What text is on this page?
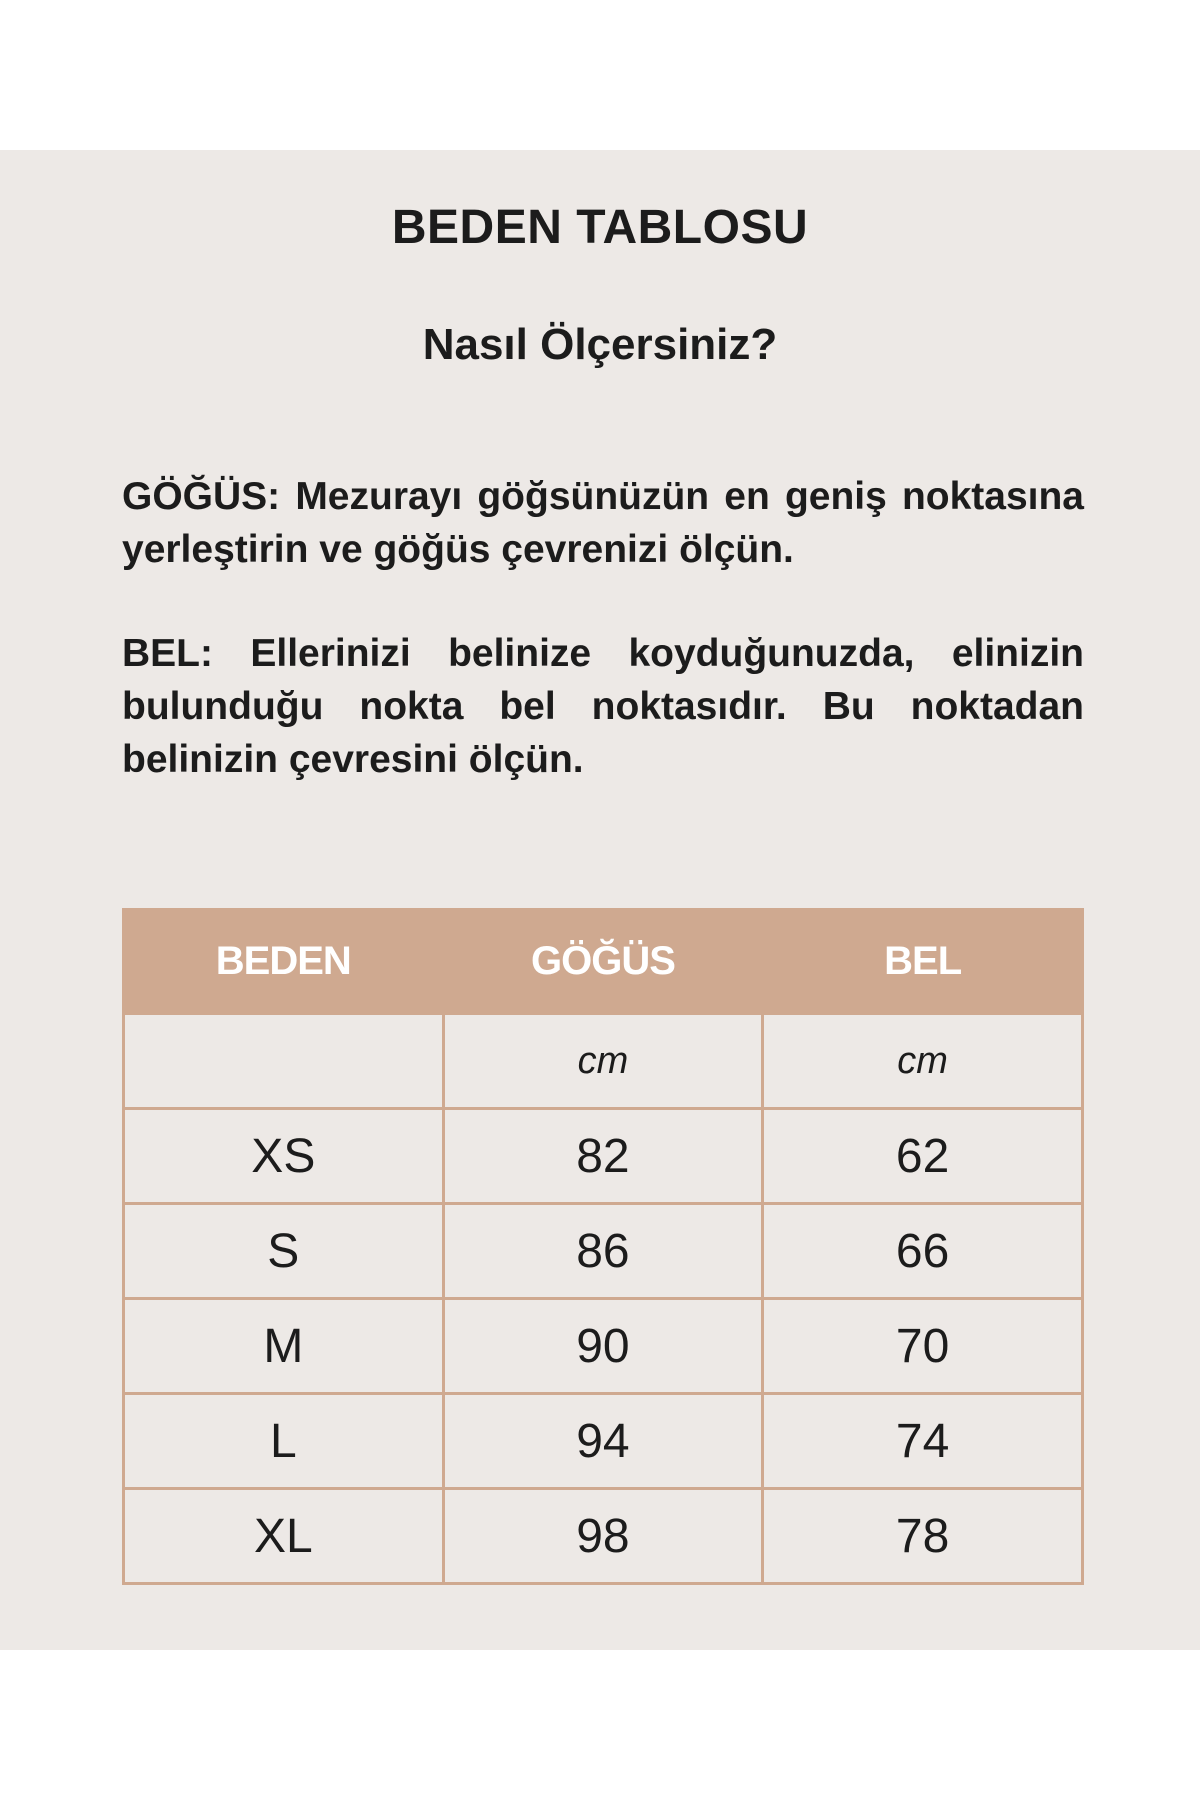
BEDEN TABLOSU
Nasıl Ölçersiniz?
GÖĞÜS: Mezurayı göğsünüzün en geniş noktasına yerleştirin ve göğüs çevrenizi ölçün.
BEL: Ellerinizi belinize koyduğunuzda, elinizin bulunduğu nokta bel noktasıdır. Bu noktadan belinizin çevresini ölçün.
BEDEN	GÖĞÜS	BEL
	cm	cm
XS	82	62
S	86	66
M	90	70
L	94	74
XL	98	78
